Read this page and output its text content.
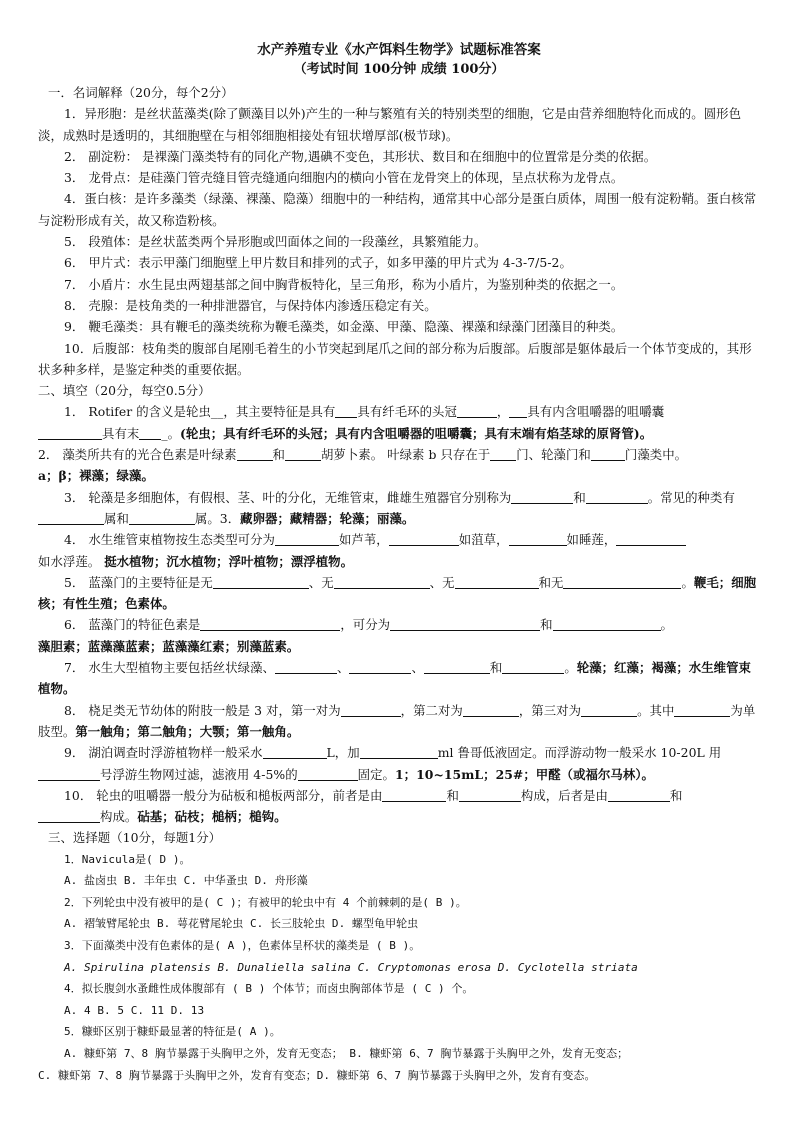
水产养殖专业《水产饵料生物学》试题标准答案
（考试时间 100分钟 成绩 100分）

一．名词解释（20分，每个2分）

1．异形胞：是丝状蓝藻类(除了颤藻目以外)产生的一种与繁殖有关的特别类型的细胞，它是由营养细胞特化而成的。圆形色淡，成熟时是透明的，其细胞壁在与相邻细胞相接处有钮状增厚部(极节球)。

2． 副淀粉： 是裸藻门藻类特有的同化产物,遇碘不变色，其形状、数目和在细胞中的位置常是分类的依据。

3． 龙骨点：是硅藻门管壳缝目管壳缝通向细胞内的横向小管在龙骨突上的体现，呈点状称为龙骨点。

4．蛋白核：是许多藻类（绿藻、裸藻、隐藻）细胞中的一种结构，通常其中心部分是蛋白质体，周围一般有淀粉鞘。蛋白核常与淀粉形成有关，故又称造粉核。

5． 段殖体：是丝状蓝类两个异形胞或凹面体之间的一段藻丝，具繁殖能力。

6． 甲片式：表示甲藻门细胞壁上甲片数目和排列的式子，如多甲藻的甲片式为 4-3-7/5-2。

7． 小盾片：水生昆虫两翅基部之间中胸背板特化，呈三角形，称为小盾片，为鉴别种类的依据之一。

8． 壳腺：是枝角类的一种排泄器官，与保持体内渗透压稳定有关。

9． 鞭毛藻类：具有鞭毛的藻类统称为鞭毛藻类，如金藻、甲藻、隐藻、裸藻和绿藻门团藻目的种类。

10．后腹部：枝角类的腹部自尾刚毛着生的小节突起到尾爪之间的部分称为后腹部。后腹部是躯体最后一个体节变成的，其形状多种多样，是鉴定种类的重要依据。

二、填空（20分，每空0.5分）

1． Rotifer 的含义是轮虫__，其主要特征是具有 具有纤毛环的头冠	， 具有内含咀嚼器的咀嚼囊
具有末 _。(轮虫；具有纤毛环的头冠；具有内含咀嚼器的咀嚼囊；具有末端有焰茎球的原肾管)。

2． 藻类所共有的光合色素是叶绿素	和	胡萝卜素。 叶绿素 b 只存在于 门、轮藻门和	门藻类中。
a；β；裸藻；绿藻。

3． 轮藻是多细胞体，有假根、茎、叶的分化，无维管束，雌雄生殖器官分别称为	和	。常见的种类有属和	属。3．藏卵器；藏精器；轮藻；丽藻。

4． 水生维管束植物按生态类型可分为	如芦苇，	如菹草，	如睡莲，
如水浮莲。 挺水植物；沉水植物；浮叶植物；漂浮植物。

5． 蓝藻门的主要特征是无	、无	、无	和无	。鞭毛；细胞核；有性生殖；色素体。

6． 蓝藻门的特征色素是	，可分为	和	。
藻胆素；蓝藻藻蓝素；蓝藻藻红素；别藻蓝素。

7． 水生大型植物主要包括丝状绿藻、	、	、	和	。轮藻；红藻；褐藻；水生维管束植物。

8． 桡足类无节幼体的附肢一般是 3 对，第一对为	，第二对为	，第三对为	。其中	为单肢型。第一触角；第二触角；大颚；第一触角。

9． 湖泊调查时浮游植物样一般采水	L，加	ml 鲁哥低液固定。而浮游动物一般采水 10-20L 用号浮游生物网过滤，滤液用 4-5%的	固定。1；10~15mL；25#；甲醛（或福尔马林）。

10． 轮虫的咀嚼器一般分为砧板和槌板两部分，前者是由	和	构成，后者是由	和
构成。砧基；砧枝；槌柄；槌钩。

三、选择题（10分，每题1分）

1．Navicula是( D )。

A. 盐卤虫 B. 丰年虫 C. 中华蚤虫 D. 舟形藻

2．下列轮虫中没有被甲的是( C )；有被甲的轮虫中有 4 个前棘刺的是( B )。

A. 褶皱臂尾轮虫 B. 萼花臂尾轮虫 C. 长三肢轮虫 D. 螺型龟甲轮虫

3．下面藻类中没有色素体的是( A )，色素体呈杯状的藻类是 ( B )。

A. Spirulina platensis B. Dunaliella salina C. Cryptomonas erosa D. Cyclotella striata

4．拟长腹剑水蚤雌性成体腹部有 ( B ) 个体节；而卤虫胸部体节是 ( C ) 个。

A. 4 B. 5 C. 11 D. 13

5．糠虾区别于糠虾最显著的特征是( A )。

A. 糠虾第 7、8 胸节暴露于头胸甲之外，发育无变态； B. 糠虾第 6、7 胸节暴露于头胸甲之外，发育无变态；

C. 糠虾第 7、8 胸节暴露于头胸甲之外，发育有变态；D. 糠虾第 6、7 胸节暴露于头胸甲之外，发育有变态。
